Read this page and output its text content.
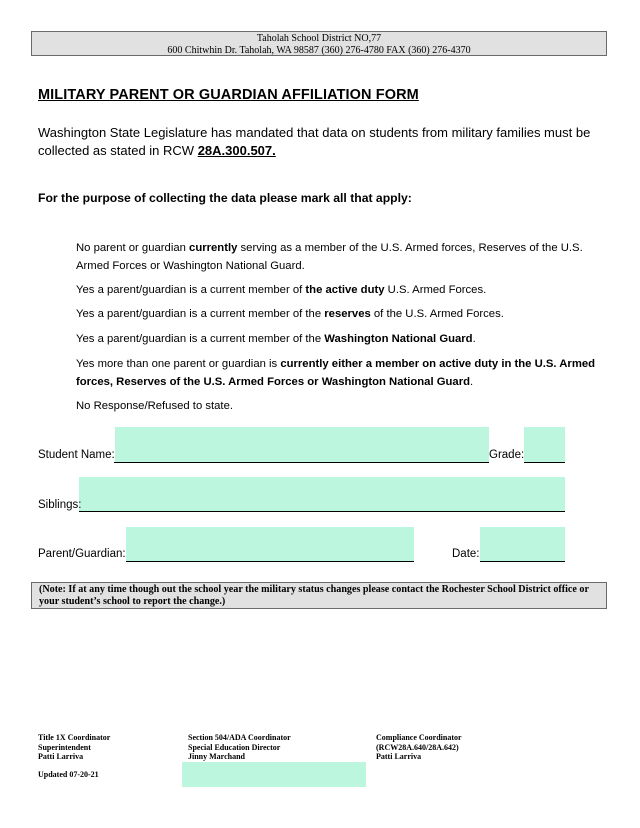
Taholah School District NO,77
600 Chitwhin Dr. Taholah, WA 98587 (360) 276-4780 FAX (360) 276-4370
MILITARY PARENT OR GUARDIAN AFFILIATION FORM
Washington State Legislature has mandated that data on students from military families must be collected as stated in RCW 28A.300.507.
For the purpose of collecting the data please mark all that apply:
No parent or guardian currently serving as a member of the U.S. Armed forces, Reserves of the U.S. Armed Forces or Washington National Guard.
Yes a parent/guardian is a current member of the active duty U.S. Armed Forces.
Yes a parent/guardian is a current member of the reserves of the U.S. Armed Forces.
Yes a parent/guardian is a current member of the Washington National Guard.
Yes more than one parent or guardian is currently either a member on active duty in the U.S. Armed forces, Reserves of the U.S. Armed Forces or Washington National Guard.
No Response/Refused to state.
Student Name:	Grade:
Siblings:
Parent/Guardian:	Date:
(Note: If at any time though out the school year the military status changes please contact the Rochester School District office or your student’s school to report the change.)
Title 1X Coordinator
Superintendent
Patti Larriva
Section 504/ADA Coordinator
Special Education Director
Jinny Marchand
Compliance Coordinator
(RCW28A.640/28A.642)
Patti Larriva
Updated 07-20-21
